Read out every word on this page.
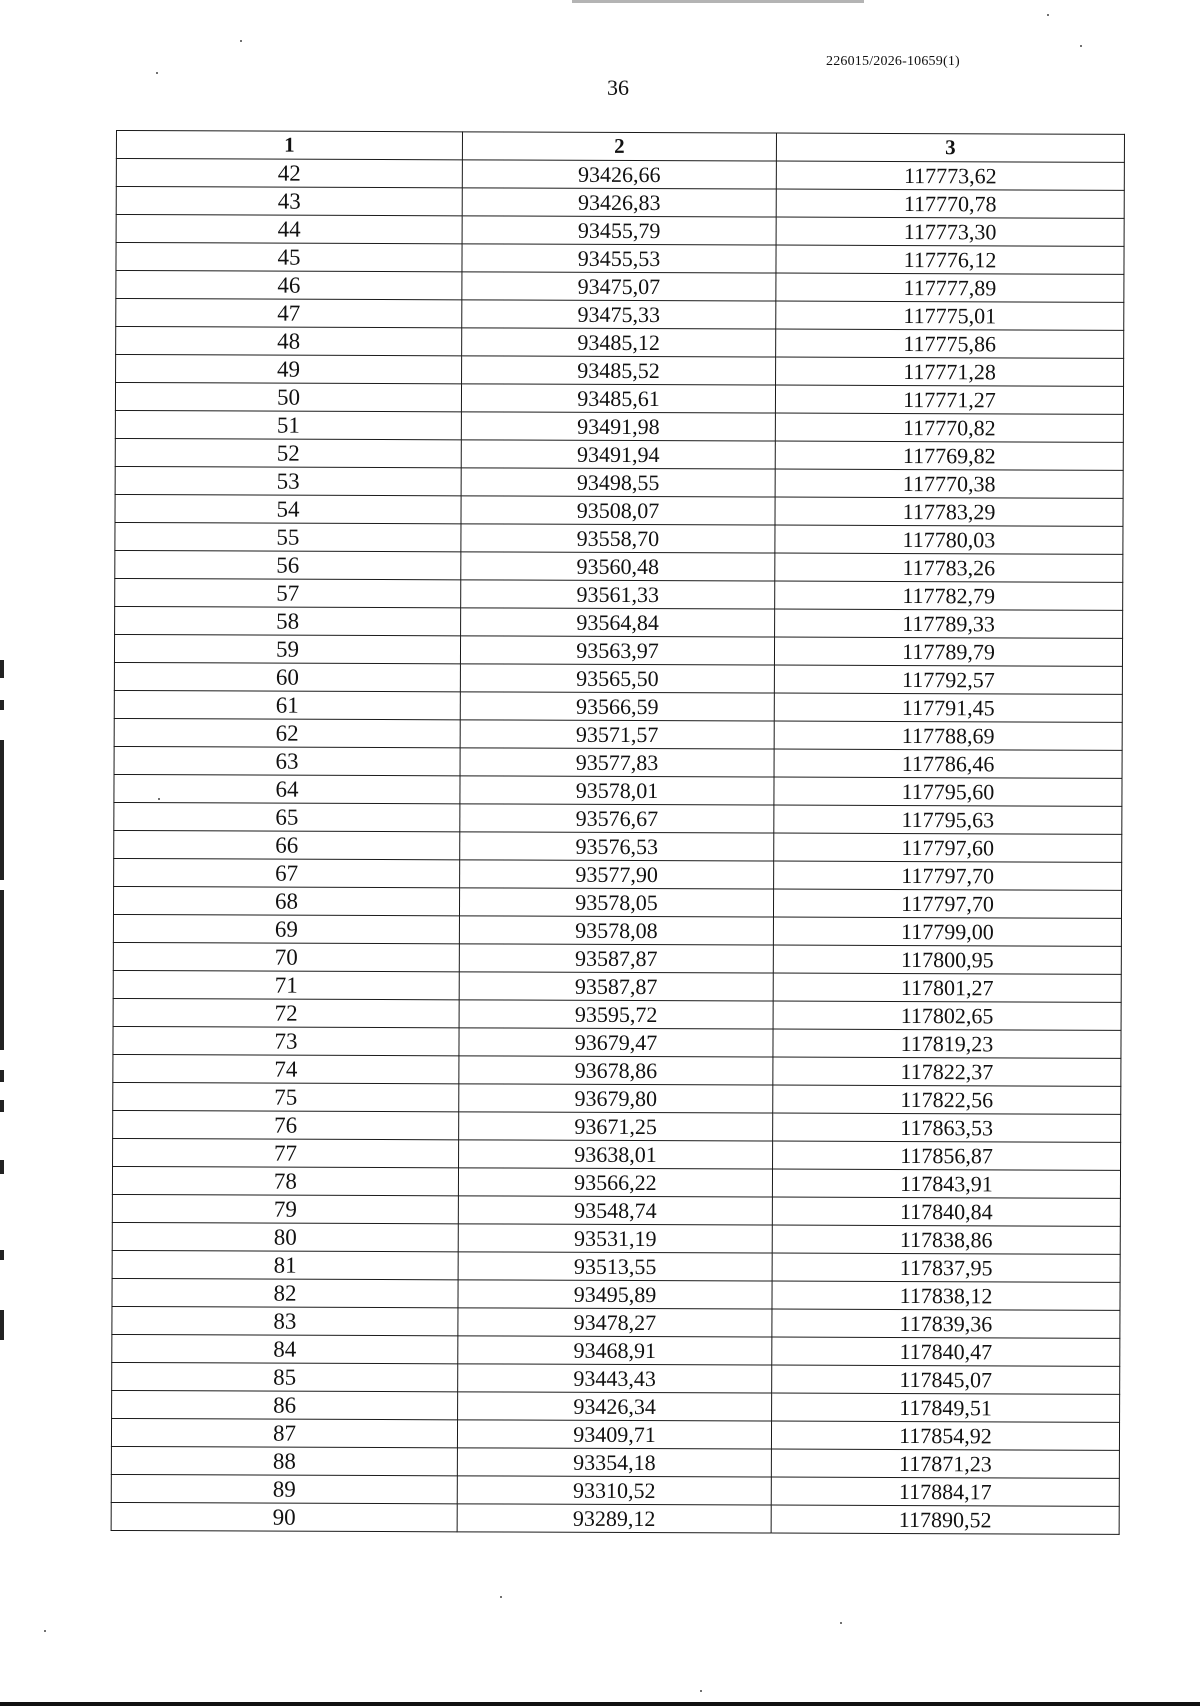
226015/2026-10659(1)
36
1	2	3
42	93426,66	117773,62
43	93426,83	117770,78
44	93455,79	117773,30
45	93455,53	117776,12
46	93475,07	117777,89
47	93475,33	117775,01
48	93485,12	117775,86
49	93485,52	117771,28
50	93485,61	117771,27
51	93491,98	117770,82
52	93491,94	117769,82
53	93498,55	117770,38
54	93508,07	117783,29
55	93558,70	117780,03
56	93560,48	117783,26
57	93561,33	117782,79
58	93564,84	117789,33
59	93563,97	117789,79
60	93565,50	117792,57
61	93566,59	117791,45
62	93571,57	117788,69
63	93577,83	117786,46
64	93578,01	117795,60
65	93576,67	117795,63
66	93576,53	117797,60
67	93577,90	117797,70
68	93578,05	117797,70
69	93578,08	117799,00
70	93587,87	117800,95
71	93587,87	117801,27
72	93595,72	117802,65
73	93679,47	117819,23
74	93678,86	117822,37
75	93679,80	117822,56
76	93671,25	117863,53
77	93638,01	117856,87
78	93566,22	117843,91
79	93548,74	117840,84
80	93531,19	117838,86
81	93513,55	117837,95
82	93495,89	117838,12
83	93478,27	117839,36
84	93468,91	117840,47
85	93443,43	117845,07
86	93426,34	117849,51
87	93409,71	117854,92
88	93354,18	117871,23
89	93310,52	117884,17
90	93289,12	117890,52
